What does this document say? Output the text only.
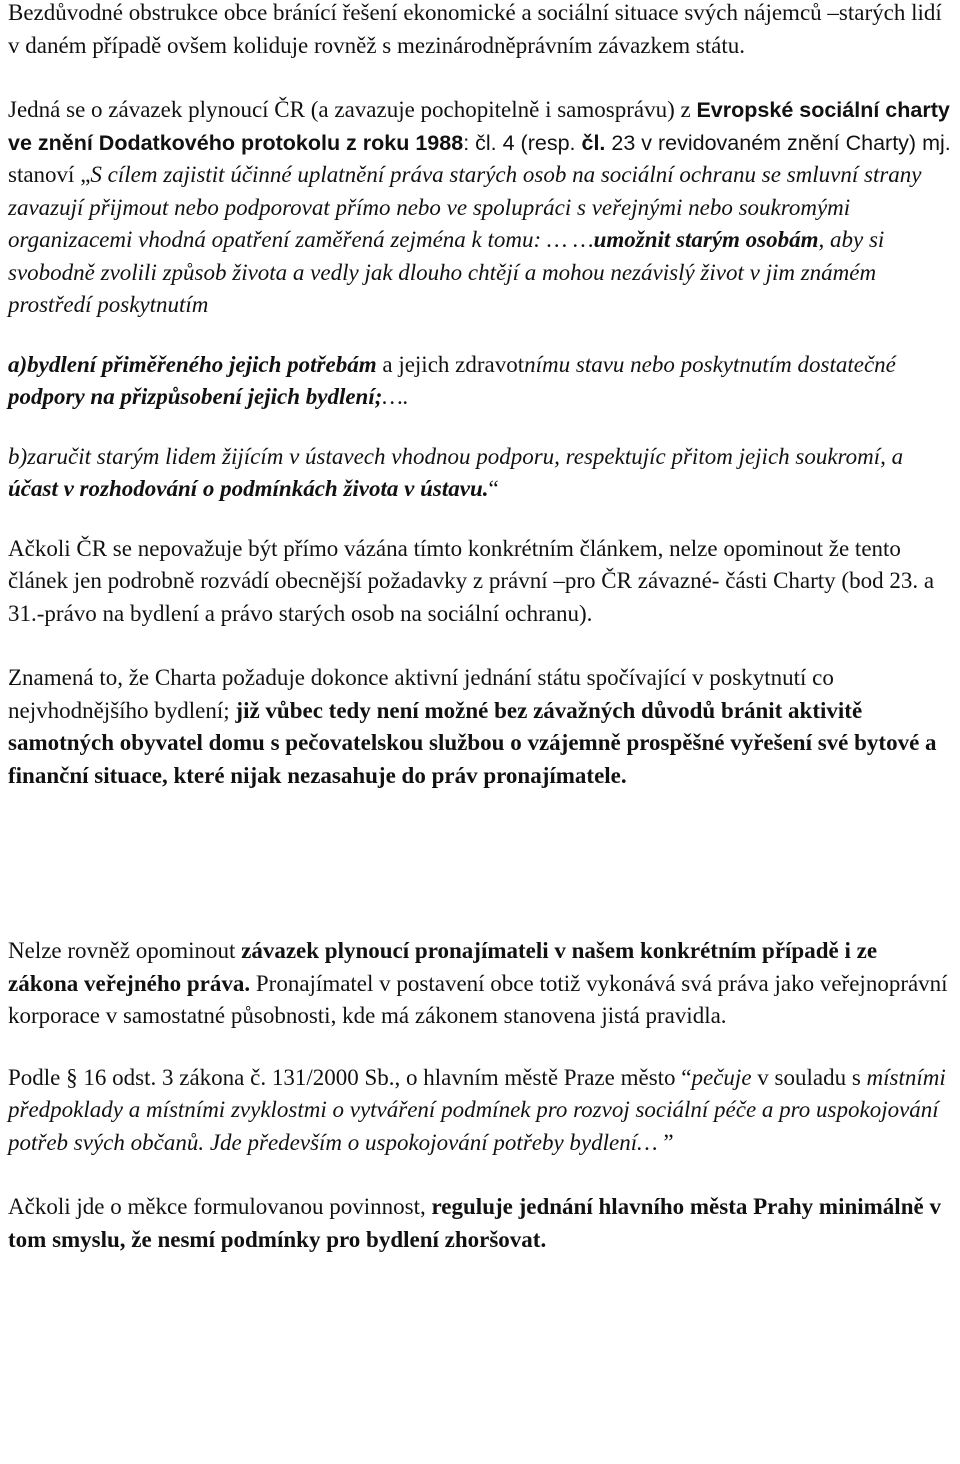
Bezdůvodné obstrukce obce bránící řešení ekonomické a sociální situace svých nájemců –starých lidí v daném případě ovšem koliduje rovněž s mezinárodněprávním závazkem státu.

Jedná se o závazek plynoucí ČR (a zavazuje pochopitelně i samosprávu) z Evropské sociální charty ve znění Dodatkového protokolu z roku 1988: čl. 4 (resp. čl. 23 v revidovaném znění Charty) mj. stanoví „S cílem zajistit účinné uplatnění práva starých osob na sociální ochranu se smluvní strany zavazují přijmout nebo podporovat přímo nebo ve spolupráci s veřejnými nebo soukromými organizacemi vhodná opatření zaměřená zejména k tomu: … …umožnit starým osobám, aby si svobodně zvolili způsob života a vedly jak dlouho chtějí a mohou nezávislý život v jim známém prostředí poskytnutím

a)bydlení přiměřeného jejich potřebám a jejich zdravotnímu stavu nebo poskytnutím dostatečné podpory na přizpůsobení jejich bydlení;….

b)zaručit starým lidem žijícím v ústavech vhodnou podporu, respektujíc přitom jejich soukromí, a účast v rozhodování o podmínkách života v ústavu.“

Ačkoli ČR se nepovažuje být přímo vázána tímto konkrétním článkem, nelze opominout že tento článek jen podrobně rozvádí obecnější požadavky z právní –pro ČR závazné- části Charty (bod 23. a 31.-právo na bydlení a právo starých osob na sociální ochranu).

Znamená to, že Charta požaduje dokonce aktivní jednání státu spočívající v poskytnutí co nejvhodnějšího bydlení; již vůbec tedy není možné bez závažných důvodů bránit aktivitě samotných obyvatel domu s pečovatelskou službou o vzájemně prospěšné vyřešení své bytové a finanční situace, které nijak nezasahuje do práv pronajímatele.

Nelze rovněž opominout závazek plynoucí pronajímateli v našem konkrétním případě i ze zákona veřejného práva. Pronajímatel v postavení obce totiž vykonává svá práva jako veřejnoprávní korporace v samostatné působnosti, kde má zákonem stanovena jistá pravidla.

Podle § 16 odst. 3 zákona č. 131/2000 Sb., o hlavním městě Praze město “pečuje v souladu s místními předpoklady a místními zvyklostmi o vytváření podmínek pro rozvoj sociální péče a pro uspokojování potřeb svých občanů. Jde především o uspokojování potřeby bydlení… ”

Ačkoli jde o měkce formulovanou povinnost, reguluje jednání hlavního města Prahy minimálně v tom smyslu, že nesmí podmínky pro bydlení zhoršovat.
